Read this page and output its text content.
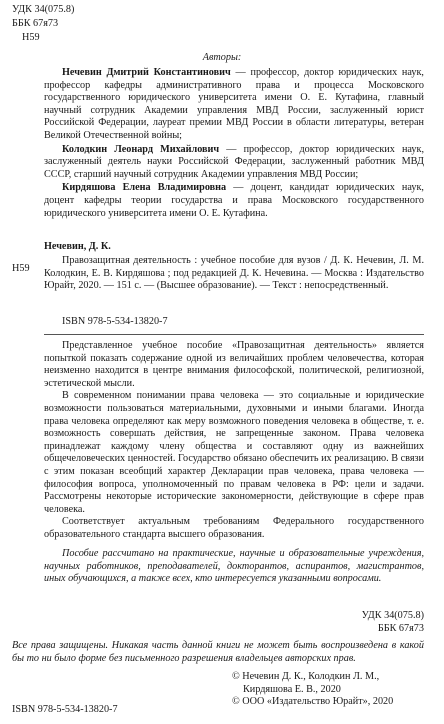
УДК 34(075.8)
ББК 67я73
Н59
Авторы:

Нечевин Дмитрий Константинович — профессор, доктор юридических наук, профессор кафедры административного права и процесса Московского государственного юридического университета имени О. Е. Кутафина, главный научный сотрудник Академии управления МВД России, заслуженный юрист Российской Федерации, лауреат премии МВД России в области литературы, ветеран Великой Отечественной войны;

Колодкин Леонард Михайлович — профессор, доктор юридических наук, заслуженный деятель науки Российской Федерации, заслуженный работник МВД СССР, старший научный сотрудник Академии управления МВД России;

Кирдяшова Елена Владимировна — доцент, кандидат юридических наук, доцент кафедры теории государства и права Московского государственного юридического университета имени О. Е. Кутафина.

Нечевин, Д. К.
Н59

Правозащитная деятельность : учебное пособие для вузов / Д. К. Нечевин, Л. М. Колодкин, Е. В. Кирдяшова ; под редакцией Д. К. Нечевина. — Москва : Издательство Юрайт, 2020. — 151 с. — (Высшее образование). — Текст : непосредственный.

ISBN 978-5-534-13820-7

Представленное учебное пособие «Правозащитная деятельность» является попыткой показать содержание одной из величайших проблем человечества, которая неизменно находится в центре внимания философской, политической, религиозной, эстетической мысли.

В современном понимании права человека — это социальные и юридические возможности пользоваться материальными, духовными и иными благами. Иногда права человека определяют как меру возможного поведения человека в обществе, т. е. возможность совершать действия, не запрещенные законом. Права человека принадлежат каждому члену общества и составляют одну из важнейших общечеловеческих ценностей. Государство обязано обеспечить их реализацию. В связи с этим показан всеобщий характер Декларации прав человека, права человека — философия вопроса, уполномоченный по правам человека в РФ: цели и задачи. Рассмотрены некоторые исторические закономерности, действующие в сфере прав человека.

Соответствует актуальным требованиям Федерального государственного образовательного стандарта высшего образования.

Пособие рассчитано на практические, научные и образовательные учреждения, научных работников, преподавателей, докторантов, аспирантов, магистрантов, иных обучающихся, а также всех, кто интересуется указанными вопросами.

УДК 34(075.8)
ББК 67я73
Все права защищены. Никакая часть данной книги не может быть воспроизведена в какой бы то ни было форме без письменного разрешения владельцев авторских прав.
© Нечевин Д. К., Колодкин Л. М.,
Кирдяшова Е. В., 2020
© ООО «Издательство Юрайт», 2020
ISBN 978-5-534-13820-7
